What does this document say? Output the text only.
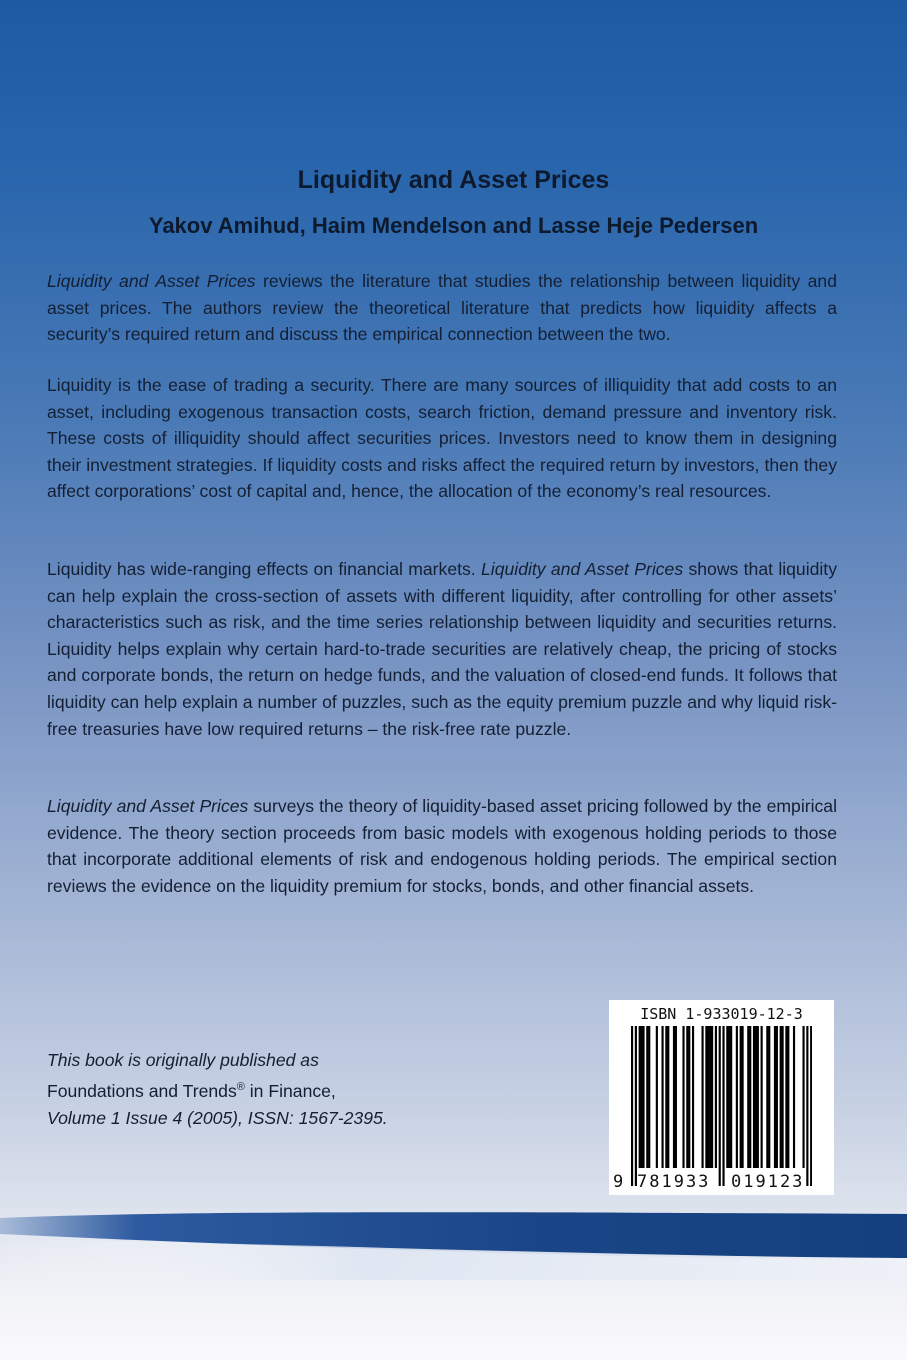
Liquidity and Asset Prices
Yakov Amihud, Haim Mendelson and Lasse Heje Pedersen

Liquidity and Asset Prices reviews the literature that studies the relationship between liquidity and asset prices. The authors review the theoretical literature that predicts how liquidity affects a security’s required return and discuss the empirical connection between the two.

Liquidity is the ease of trading a security. There are many sources of illiquidity that add costs to an asset, including exogenous transaction costs, search friction, demand pressure and inventory risk. These costs of illiquidity should affect securities prices. Investors need to know them in designing their investment strategies. If liquidity costs and risks affect the required return by investors, then they affect corporations’ cost of capital and, hence, the allocation of the economy’s real resources.

Liquidity has wide-ranging effects on financial markets. Liquidity and Asset Prices shows that liquidity can help explain the cross-section of assets with different liquidity, after controlling for other assets’ characteristics such as risk, and the time series relationship between liquidity and securities returns. Liquidity helps explain why certain hard-to-trade securities are relatively cheap, the pricing of stocks and corporate bonds, the return on hedge funds, and the valuation of closed-end funds. It follows that liquidity can help explain a number of puzzles, such as the equity premium puzzle and why liquid risk-free treasuries have low required returns – the risk-free rate puzzle.

Liquidity and Asset Prices surveys the theory of liquidity-based asset pricing followed by the empirical evidence. The theory section proceeds from basic models with exogenous holding periods to those that incorporate additional elements of risk and endogenous holding periods. The empirical section reviews the evidence on the liquidity premium for stocks, bonds, and other financial assets.

This book is originally published as
Foundations and Trends® in Finance,
Volume 1 Issue 4 (2005), ISSN: 1567-2395.
ISBN 1-933019-12-3
9 781933 019123
